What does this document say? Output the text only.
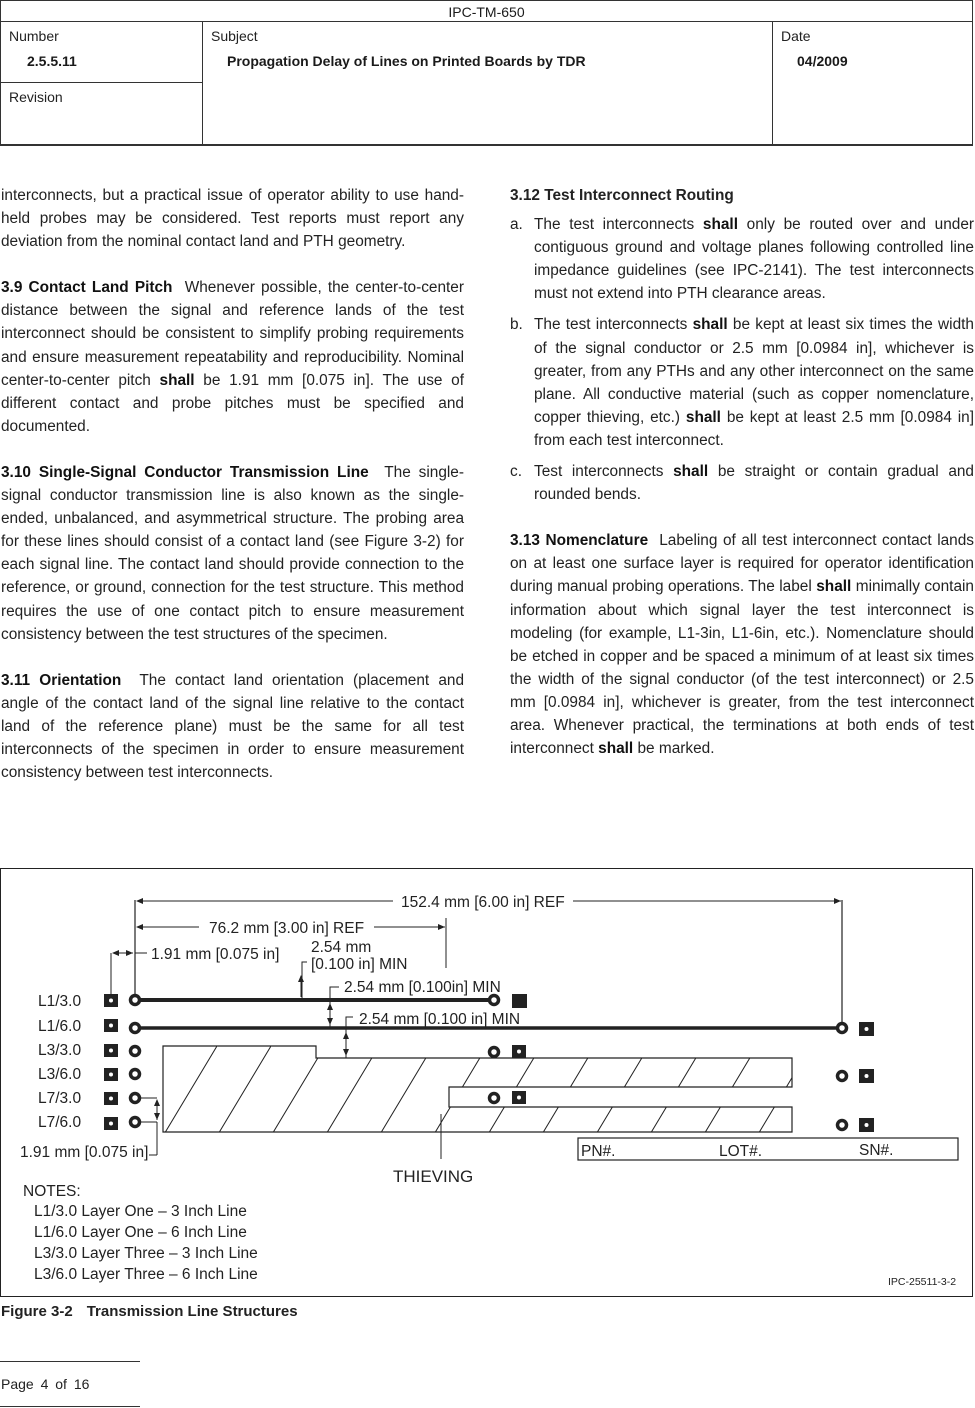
IPC-TM-650
Number
2.5.5.11
Revision
Subject
Propagation Delay of Lines on Printed Boards by TDR
Date
04/2009

interconnects, but a practical issue of operator ability to use hand-held probes may be considered. Test reports must report any deviation from the nominal contact land and PTH geometry.

3.9 Contact Land Pitch Whenever possible, the center-to-center distance between the signal and reference lands of the test interconnect should be consistent to simplify probing requirements and ensure measurement repeatability and reproducibility. Nominal center-to-center pitch shall be 1.91 mm [0.075 in]. The use of different contact and probe pitches must be specified and documented.

3.10 Single-Signal Conductor Transmission Line The single-signal conductor transmission line is also known as the single-ended, unbalanced, and asymmetrical structure. The probing area for these lines should consist of a contact land (see Figure 3-2) for each signal line. The contact land should provide connection to the reference, or ground, connection for the test structure. This method requires the use of one contact pitch to ensure measurement consistency between the test structures of the specimen.

3.11 Orientation The contact land orientation (placement and angle of the contact land of the signal line relative to the contact land of the reference plane) must be the same for all test interconnects of the specimen in order to ensure measurement consistency between test interconnects.

3.12 Test Interconnect Routing
a. The test interconnects shall only be routed over and under contiguous ground and voltage planes following controlled line impedance guidelines (see IPC-2141). The test interconnects must not extend into PTH clearance areas.
b. The test interconnects shall be kept at least six times the width of the signal conductor or 2.5 mm [0.0984 in], whichever is greater, from any PTHs and any other interconnect on the same plane. All conductive material (such as copper nomenclature, copper thieving, etc.) shall be kept at least 2.5 mm [0.0984 in] from each test interconnect.
c. Test interconnects shall be straight or contain gradual and rounded bends.

3.13 Nomenclature Labeling of all test interconnect contact lands on at least one surface layer is required for operator identification during manual probing operations. The label shall minimally contain information about which signal layer the test interconnect is modeling (for example, L1-3in, L1-6in, etc.). Nomenclature should be etched in copper and be spaced a minimum of at least six times the width of the signal conductor (of the test interconnect) or 2.5 mm [0.0984 in], whichever is greater, from the test interconnect area. Whenever practical, the terminations at both ends of test interconnect shall be marked.

152.4 mm [6.00 in] REF
76.2 mm [3.00 in] REF
1.91 mm [0.075 in] 2.54 mm
[0.100 in] MIN
2.54 mm [0.100in] MIN
2.54 mm [0.100 in] MIN
L1/3.0
L1/6.0
L3/3.0
L3/6.0
L7/3.0
L7/6.0
1.91 mm [0.075 in]
THIEVING
PN#.	LOT#.	SN#.
NOTES:
L1/3.0 Layer One – 3 Inch Line
L1/6.0 Layer One – 6 Inch Line
L3/3.0 Layer Three – 3 Inch Line
L3/6.0 Layer Three – 6 Inch Line	IPC-25511-3-2
Figure 3-2 Transmission Line Structures
Page 4 of 16
